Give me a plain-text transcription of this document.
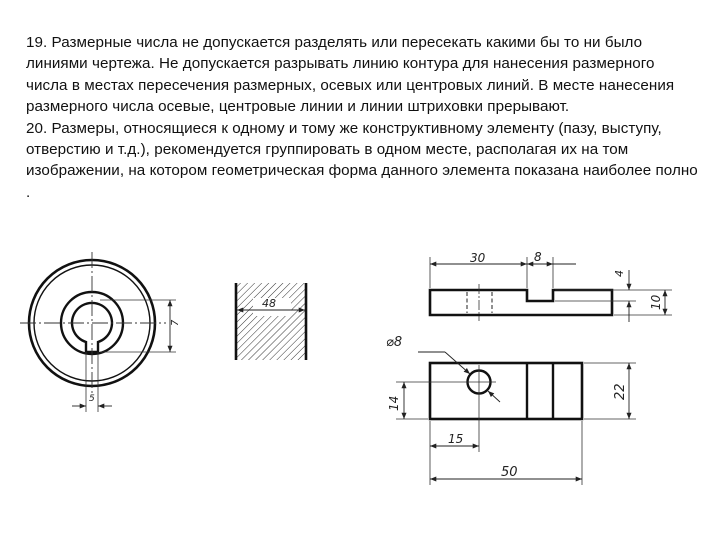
19. Размерные числа не допускается разделять или пересекать какими бы то ни было линиями чертежа. Не допускается разрывать линию контура для нанесения размерного числа в местах пересечения размерных, осевых или центровых линий. В месте нанесения размерного числа осевые, центровые линии и линии штриховки прерывают.

20. Размеры, относящиеся к одному и тому же конструктивному элементу (пазу, выступу, отверстию и т.д.), рекомендуется группировать в одном месте, располагая их на том изображении, на котором геометрическая форма данного элемента показана наиболее полно .

7
5
48
30	8
4
10
⌀8
14
22
15
50
